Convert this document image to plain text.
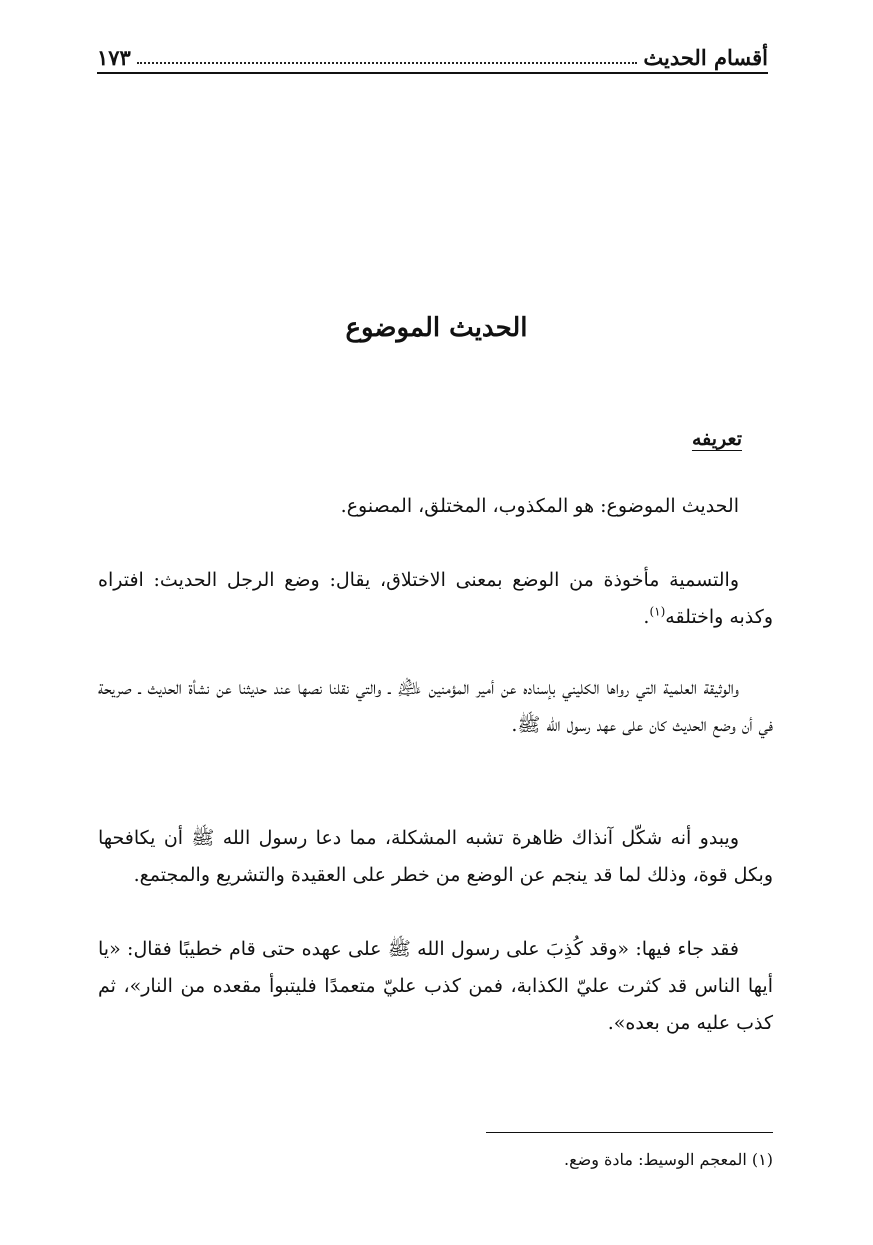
أقسام الحديث
١٧٣
الحديث الموضوع
تعريفه

الحديث الموضوع: هو المكذوب، المختلق، المصنوع.

والتسمية مأخوذة من الوضع بمعنى الاختلاق، يقال: وضع الرجل الحديث: افتراه وكذبه واختلقه$^{(١)}$.

والوثيقة العلمية التي رواها الكليني بإسناده عن أمير المؤمنين ﵇ ـ والتي نقلنا نصها عند حديثنا عن نشأة الحديث ـ صريحة في أن وضع الحديث كان على عهد رسول الله ﷺ.

ويبدو أنه شكّل آنذاك ظاهرة تشبه المشكلة، مما دعا رسول الله ﷺ أن يكافحها وبكل قوة، وذلك لما قد ينجم عن الوضع من خطر على العقيدة والتشريع والمجتمع.

فقد جاء فيها: «وقد كُذِبَ على رسول الله ﷺ على عهده حتى قام خطيبًا فقال: «يا أيها الناس قد كثرت عليّ الكذابة، فمن كذب عليّ متعمدًا فليتبوأ مقعده من النار»، ثم كذب عليه من بعده».

(١) المعجم الوسيط: مادة وضع.
